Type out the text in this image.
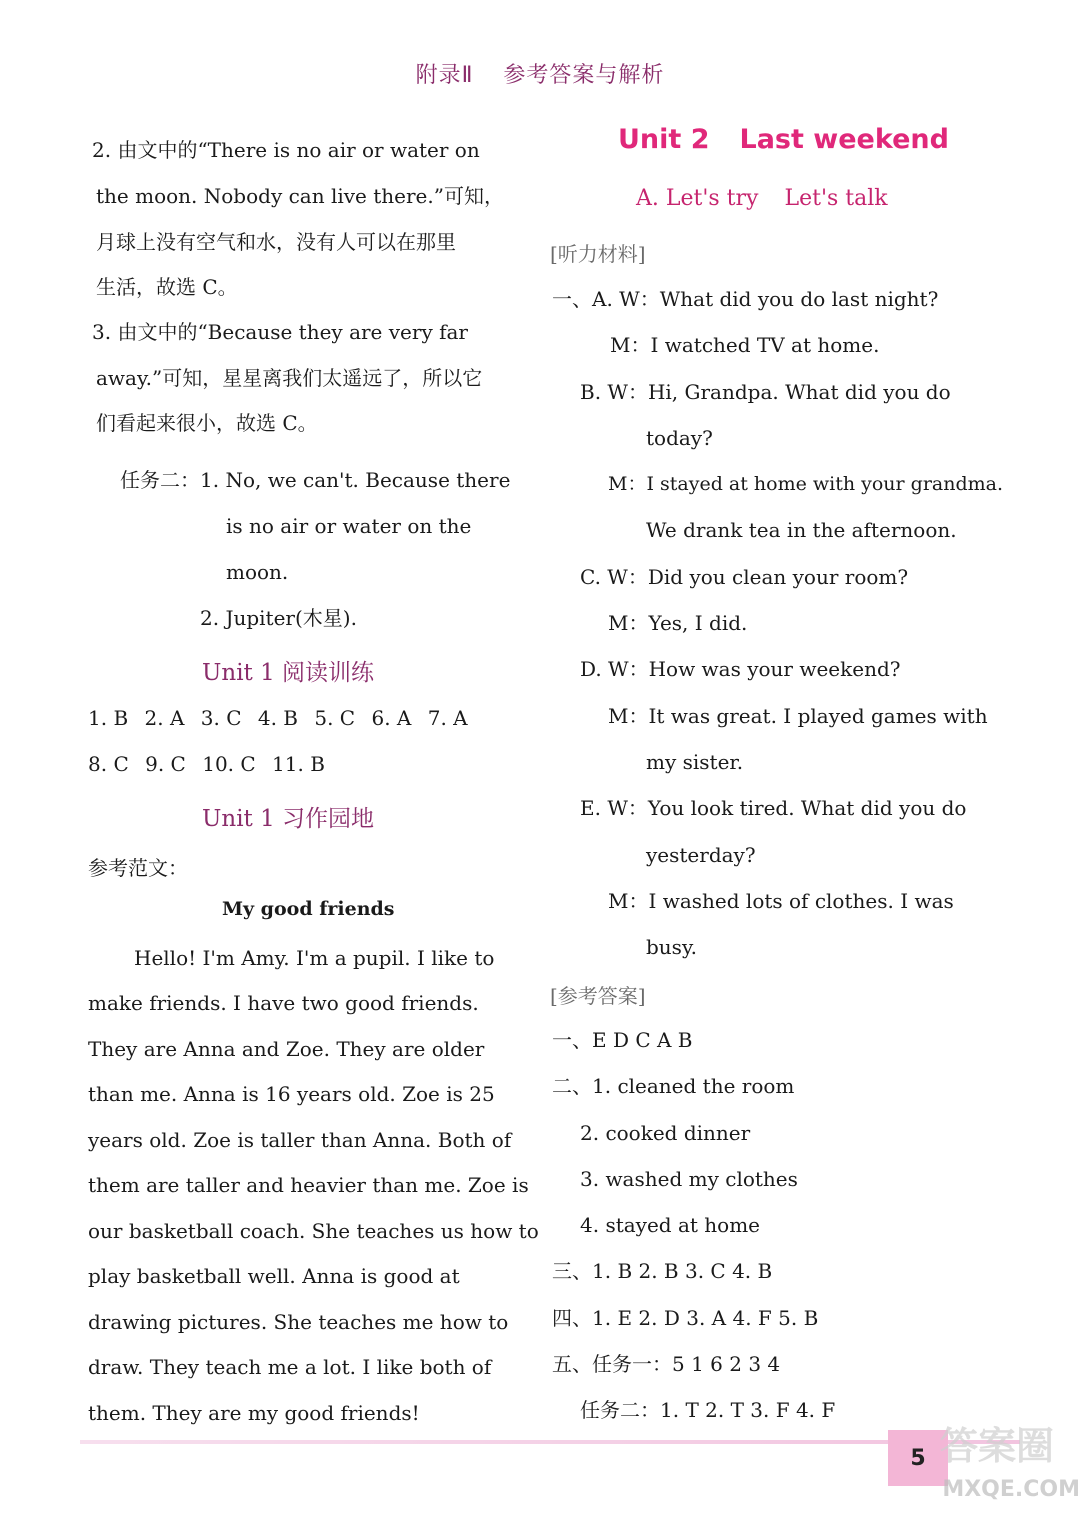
附录Ⅱ 参考答案与解析
2. 由文中的“There is no air or water on
the moon. Nobody can live there.”可知，
月球上没有空气和水，没有人可以在那里
生活，故选 C。
3. 由文中的“Because they are very far
away.”可知，星星离我们太遥远了，所以它
们看起来很小，故选 C。
任务二： 1. No, we can't. Because there
is no air or water on the
moon.
2. Jupiter(木星).
Unit 1 阅读训练
1. B 2. A 3. C 4. B 5. C 6. A 7. A
8. C 9. C 10. C 11. B
Unit 1 习作园地
参考范文：
My good friends
Hello! I'm Amy. I'm a pupil. I like to
make friends. I have two good friends.
They are Anna and Zoe. They are older
than me. Anna is 16 years old. Zoe is 25
years old. Zoe is taller than Anna. Both of
them are taller and heavier than me. Zoe is
our basketball coach. She teaches us how to
play basketball well. Anna is good at
drawing pictures. She teaches me how to
draw. They teach me a lot. I like both of
them. They are my good friends!
Unit 2 Last weekend
A. Let's try Let's talk
[听力材料]
一、A. W：What did you do last night?
M：I watched TV at home.
B. W：Hi, Grandpa. What did you do
today?
M：I stayed at home with your grandma.
We drank tea in the afternoon.
C. W：Did you clean your room?
M：Yes, I did.
D. W：How was your weekend?
M：It was great. I played games with
my sister.
E. W：You look tired. What did you do
yesterday?
M：I washed lots of clothes. I was
busy.
[参考答案]
一、E D C A B
二、1. cleaned the room
2. cooked dinner
3. washed my clothes
4. stayed at home
三、1. B 2. B 3. C 4. B
四、1. E 2. D 3. A 4. F 5. B
五、任务一：5 1 6 2 3 4
任务二：1. T 2. T 3. F 4. F
5 答案圈
MXQE.COM
